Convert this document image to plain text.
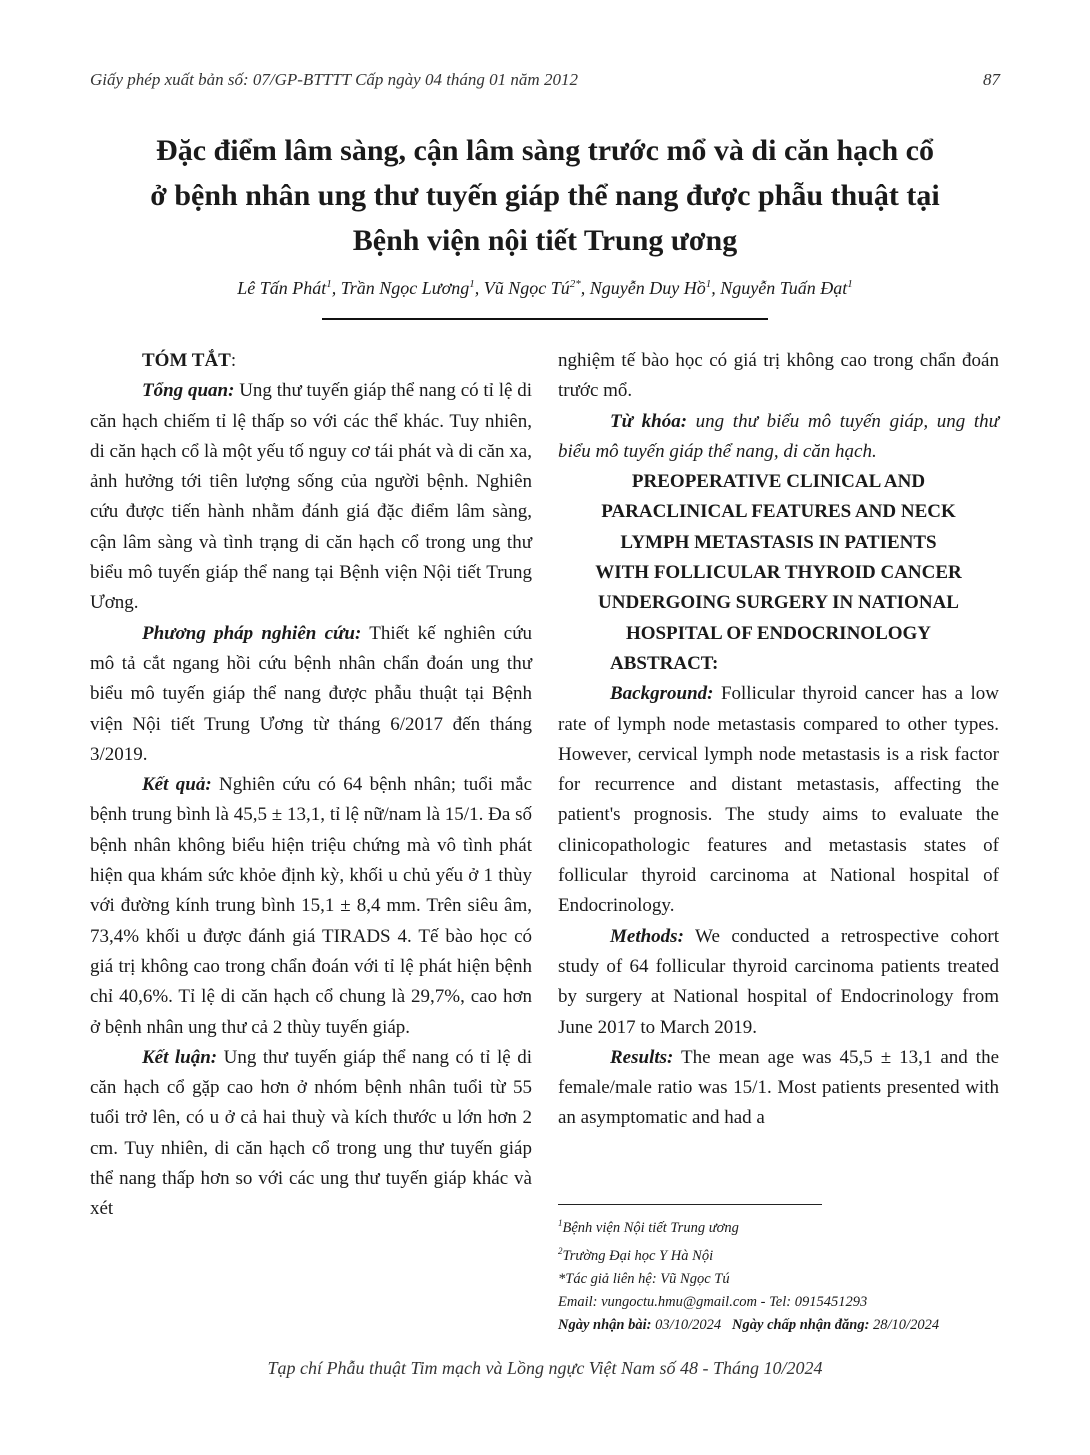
Giấy phép xuất bản số: 07/GP-BTTTT Cấp ngày 04 tháng 01 năm 2012	87
Đặc điểm lâm sàng, cận lâm sàng trước mổ và di căn hạch cổ
ở bệnh nhân ung thư tuyến giáp thể nang được phẫu thuật tại
Bệnh viện nội tiết Trung ương
Lê Tấn Phát$^1$, Trần Ngọc Lương$^1$, Vũ Ngọc $Tú^{2*}$, Nguyễn Duy Hồ$^1$, Nguyễn Tuấn Đạt$^1$

TÓM TẮT:

Tổng quan: Ung thư tuyến giáp thể nang có tỉ lệ di căn hạch chiếm tỉ lệ thấp so với các thể khác. Tuy nhiên, di căn hạch cổ là một yếu tố nguy cơ tái phát và di căn xa, ảnh hưởng tới tiên lượng sống của người bệnh. Nghiên cứu được tiến hành nhằm đánh giá đặc điểm lâm sàng, cận lâm sàng và tình trạng di căn hạch cổ trong ung thư biểu mô tuyến giáp thể nang tại Bệnh viện Nội tiết Trung Ương.

Phương pháp nghiên cứu: Thiết kế nghiên cứu mô tả cắt ngang hồi cứu bệnh nhân chẩn đoán ung thư biểu mô tuyến giáp thể nang được phẫu thuật tại Bệnh viện Nội tiết Trung Ương từ tháng 6/2017 đến tháng 3/2019.

Kết quả: Nghiên cứu có 64 bệnh nhân; tuổi mắc bệnh trung bình là 45,5 ± 13,1, tỉ lệ nữ/nam là 15/1. Đa số bệnh nhân không biểu hiện triệu chứng mà vô tình phát hiện qua khám sức khỏe định kỳ, khối u chủ yếu ở 1 thùy với đường kính trung bình 15,1 ± 8,4 mm. Trên siêu âm, 73,4% khối u được đánh giá TIRADS 4. Tế bào học có giá trị không cao trong chẩn đoán với tỉ lệ phát hiện bệnh chỉ 40,6%. Tỉ lệ di căn hạch cổ chung là 29,7%, cao hơn ở bệnh nhân ung thư cả 2 thùy tuyến giáp.

Kết luận: Ung thư tuyến giáp thể nang có tỉ lệ di căn hạch cổ gặp cao hơn ở nhóm bệnh nhân tuổi từ 55 tuổi trở lên, có u ở cả hai thuỳ và kích thước u lớn hơn 2 cm. Tuy nhiên, di căn hạch cổ trong ung thư tuyến giáp thể nang thấp hơn so với các ung thư tuyến giáp khác và xét

nghiệm tế bào học có giá trị không cao trong chẩn đoán trước mổ.

Từ khóa: ung thư biểu mô tuyến giáp, ung thư biểu mô tuyến giáp thể nang, di căn hạch.

PREOPERATIVE CLINICAL AND
PARACLINICAL FEATURES AND NECK
LYMPH METASTASIS IN PATIENTS
WITH FOLLICULAR THYROID CANCER
UNDERGOING SURGERY IN NATIONAL
HOSPITAL OF ENDOCRINOLOGY

ABSTRACT:

Background: Follicular thyroid cancer has a low rate of lymph node metastasis compared to other types. However, cervical lymph node metastasis is a risk factor for recurrence and distant metastasis, affecting the patient's prognosis. The study aims to evaluate the clinicopathologic features and metastasis states of follicular thyroid carcinoma at National hospital of Endocrinology.

Methods: We conducted a retrospective cohort study of 64 follicular thyroid carcinoma patients treated by surgery at National hospital of Endocrinology from June 2017 to March 2019.

Results: The mean age was 45,5 ± 13,1 and the female/male ratio was 15/1. Most patients presented with an asymptomatic and had a

$^1$Bệnh viện Nội tiết Trung ương
$^2$Trường Đại học Y Hà Nội
*Tác giả liên hệ: Vũ Ngọc Tú
Email: vungoctu.hmu@gmail.com - Tel: 0915451293
Ngày nhận bài: 03/10/2024 Ngày chấp nhận đăng: 28/10/2024
Tạp chí Phẫu thuật Tim mạch và Lồng ngực Việt Nam số 48 - Tháng 10/2024
